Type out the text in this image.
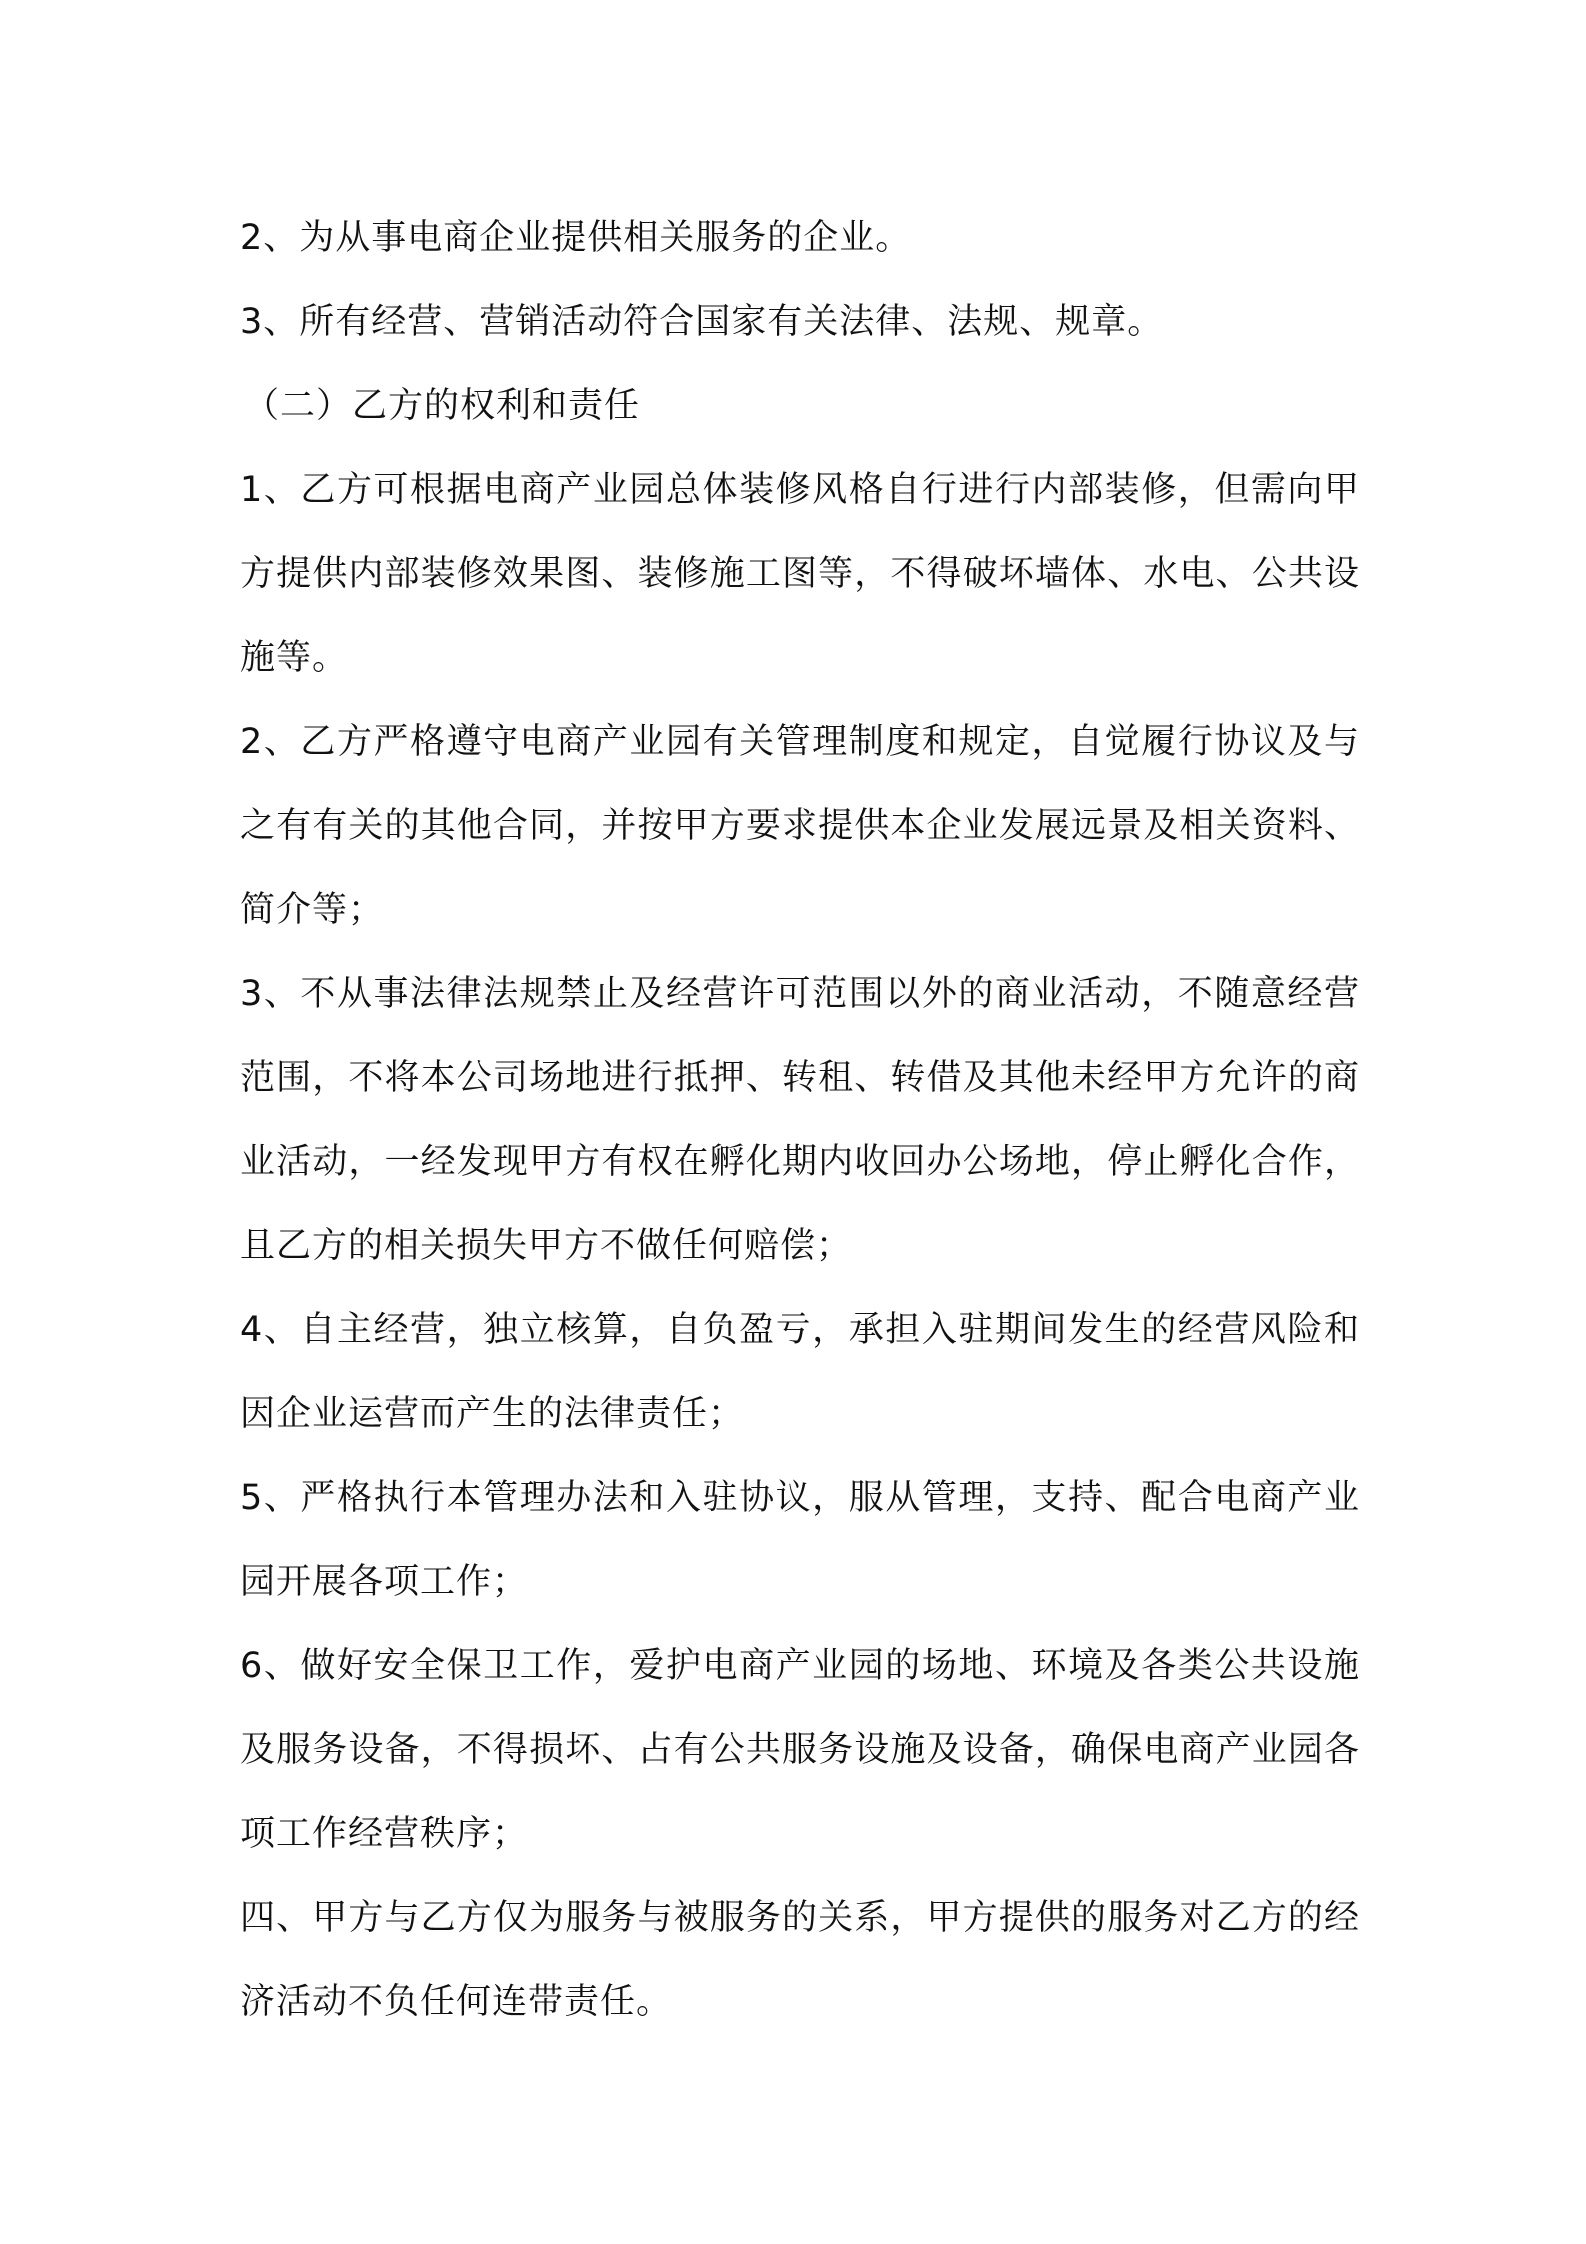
2、为从事电商企业提供相关服务的企业。

3、所有经营、营销活动符合国家有关法律、法规、规章。

（二）乙方的权利和责任

1、乙方可根据电商产业园总体装修风格自行进行内部装修，但需向甲方提供内部装修效果图、装修施工图等，不得破坏墙体、水电、公共设施等。

2、乙方严格遵守电商产业园有关管理制度和规定，自觉履行协议及与之有有关的其他合同，并按甲方要求提供本企业发展远景及相关资料、简介等；

3、不从事法律法规禁止及经营许可范围以外的商业活动，不随意经营范围，不将本公司场地进行抵押、转租、转借及其他未经甲方允许的商业活动，一经发现甲方有权在孵化期内收回办公场地，停止孵化合作，且乙方的相关损失甲方不做任何赔偿；

4、自主经营，独立核算，自负盈亏，承担入驻期间发生的经营风险和因企业运营而产生的法律责任；

5、严格执行本管理办法和入驻协议，服从管理，支持、配合电商产业园开展各项工作；

6、做好安全保卫工作，爱护电商产业园的场地、环境及各类公共设施及服务设备，不得损坏、占有公共服务设施及设备，确保电商产业园各项工作经营秩序；

四、甲方与乙方仅为服务与被服务的关系，甲方提供的服务对乙方的经济活动不负任何连带责任。
